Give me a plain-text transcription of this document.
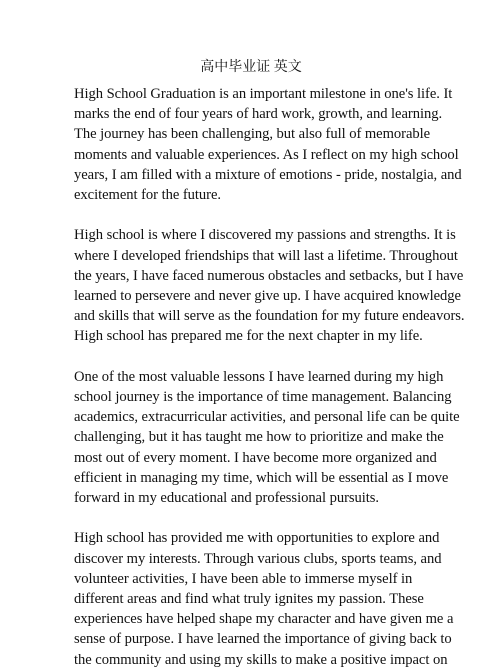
高中毕业证 英文

High School Graduation is an important milestone in one's life. It
marks the end of four years of hard work, growth, and learning.
The journey has been challenging, but also full of memorable
moments and valuable experiences. As I reflect on my high school
years, I am filled with a mixture of emotions - pride, nostalgia, and
excitement for the future.

High school is where I discovered my passions and strengths. It is
where I developed friendships that will last a lifetime. Throughout
the years, I have faced numerous obstacles and setbacks, but I have
learned to persevere and never give up. I have acquired knowledge
and skills that will serve as the foundation for my future endeavors.
High school has prepared me for the next chapter in my life.

One of the most valuable lessons I have learned during my high
school journey is the importance of time management. Balancing
academics, extracurricular activities, and personal life can be quite
challenging, but it has taught me how to prioritize and make the
most out of every moment. I have become more organized and
efficient in managing my time, which will be essential as I move
forward in my educational and professional pursuits.

High school has provided me with opportunities to explore and
discover my interests. Through various clubs, sports teams, and
volunteer activities, I have been able to immerse myself in
different areas and find what truly ignites my passion. These
experiences have helped shape my character and have given me a
sense of purpose. I have learned the importance of giving back to
the community and using my skills to make a positive impact on
